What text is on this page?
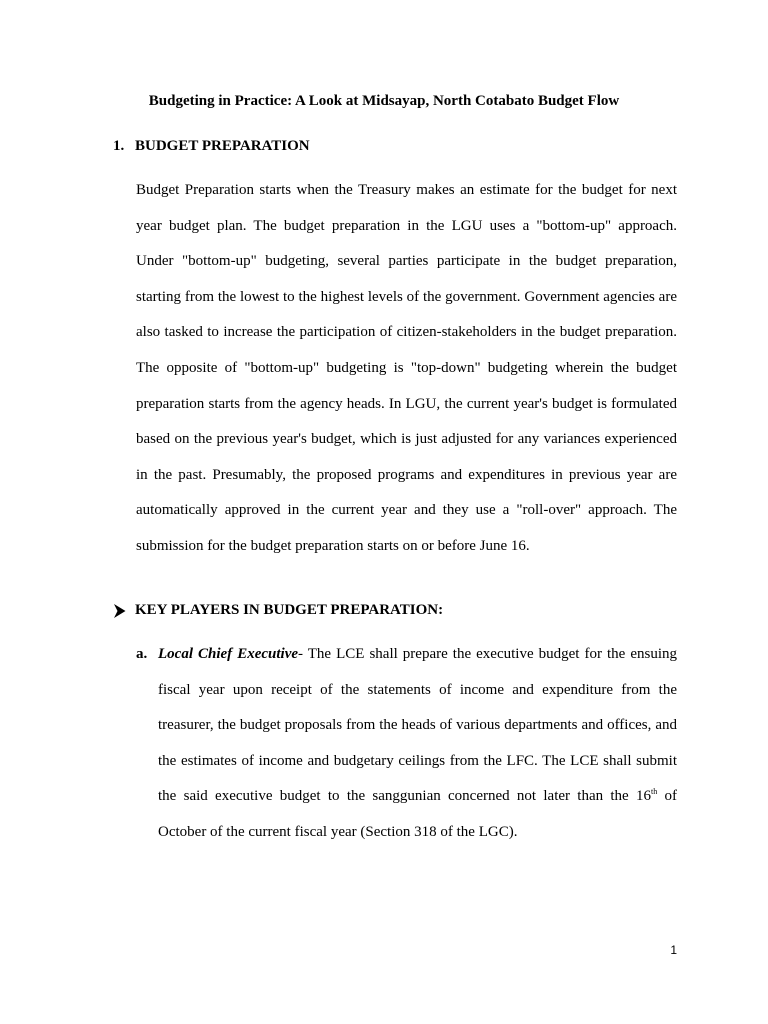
Budgeting in Practice: A Look at Midsayap, North Cotabato Budget Flow
1. BUDGET PREPARATION

Budget Preparation starts when the Treasury makes an estimate for the budget for next year budget plan. The budget preparation in the LGU uses a "bottom-up" approach. Under "bottom-up" budgeting, several parties participate in the budget preparation, starting from the lowest to the highest levels of the government. Government agencies are also tasked to increase the participation of citizen-stakeholders in the budget preparation. The opposite of "bottom-up" budgeting is "top-down" budgeting wherein the budget preparation starts from the agency heads. In LGU, the current year's budget is formulated based on the previous year's budget, which is just adjusted for any variances experienced in the past. Presumably, the proposed programs and expenditures in previous year are automatically approved in the current year and they use a "roll-over" approach. The submission for the budget preparation starts on or before June 16.

KEY PLAYERS IN BUDGET PREPARATION:
a. Local Chief Executive- The LCE shall prepare the executive budget for the ensuing fiscal year upon receipt of the statements of income and expenditure from the treasurer, the budget proposals from the heads of various departments and offices, and the estimates of income and budgetary ceilings from the LFC. The LCE shall submit the said executive budget to the sanggunian concerned not later than the 16th of October of the current fiscal year (Section 318 of the LGC).

1
